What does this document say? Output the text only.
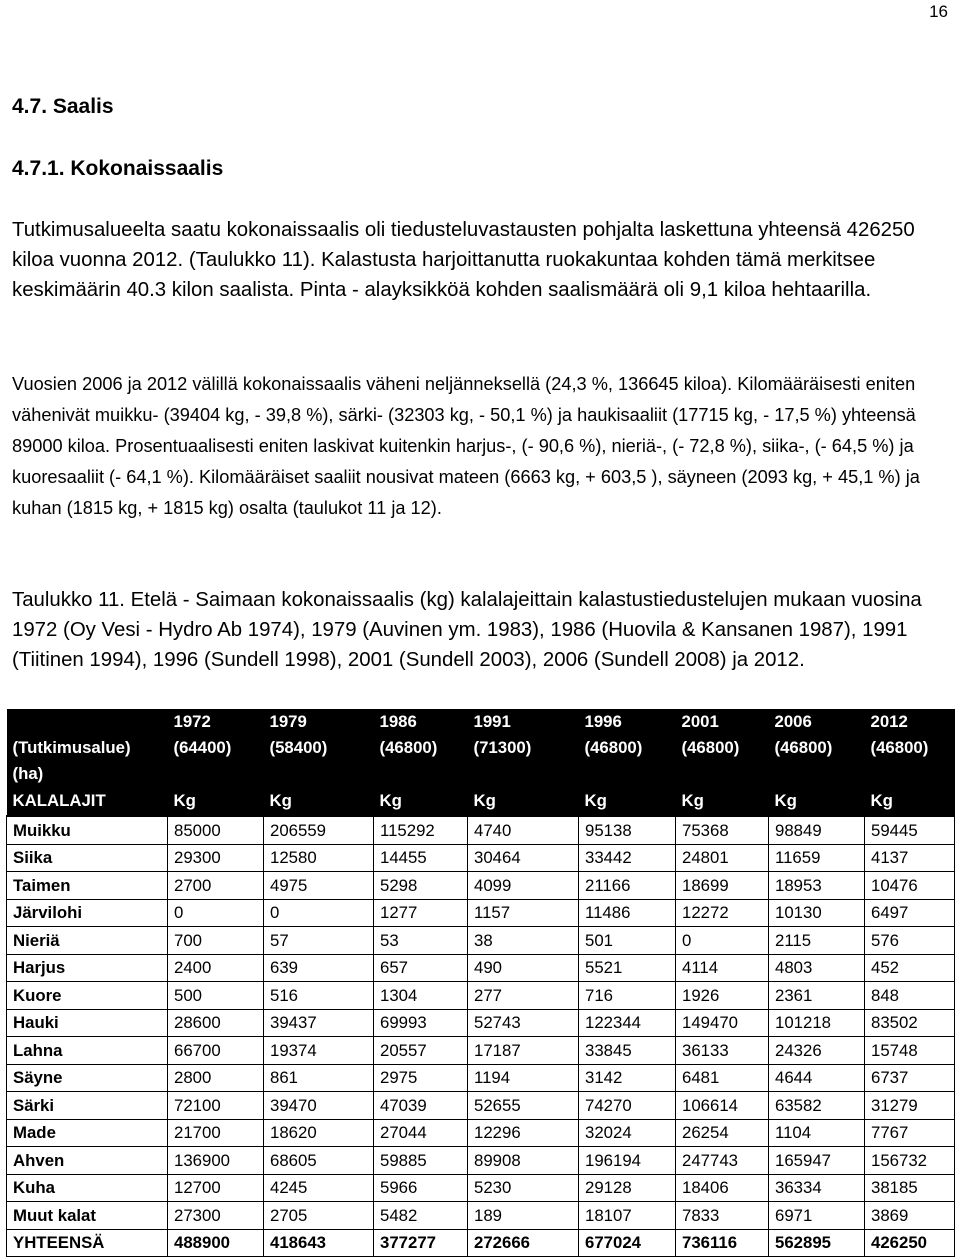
16
4.7. Saalis
4.7.1. Kokonaissaalis

Tutkimusalueelta saatu kokonaissaalis oli tiedusteluvastausten pohjalta laskettuna yhteensä 426250 kiloa vuonna 2012. (Taulukko 11). Kalastusta harjoittanutta ruokakuntaa kohden tämä merkitsee keskimäärin 40.3 kilon saalista. Pinta - alayksikköä kohden saalismäärä oli 9,1 kiloa hehtaarilla.

Vuosien 2006 ja 2012 välillä kokonaissaalis väheni neljänneksellä (24,3 %, 136645 kiloa). Kilomääräisesti eniten vähenivät muikku- (39404 kg, - 39,8 %), särki- (32303 kg, - 50,1 %) ja haukisaaliit (17715 kg, - 17,5 %) yhteensä 89000 kiloa. Prosentuaalisesti eniten laskivat kuitenkin harjus-, (- 90,6 %), nieriä-, (- 72,8 %), siika-, (- 64,5 %) ja kuoresaaliit (- 64,1 %). Kilomääräiset saaliit nousivat mateen (6663 kg, + 603,5 ), säyneen (2093 kg, + 45,1 %) ja kuhan (1815 kg, + 1815 kg) osalta (taulukot 11 ja 12).

Taulukko 11. Etelä - Saimaan kokonaissaalis (kg) kalalajeittain kalastustiedustelujen mukaan vuosina 1972 (Oy Vesi - Hydro Ab 1974), 1979 (Auvinen ym. 1983), 1986 (Huovila & Kansanen 1987), 1991 (Tiitinen 1994), 1996 (Sundell 1998), 2001 (Sundell 2003), 2006 (Sundell 2008) ja 2012.

	1972	1979	1986	1991	1996	2001	2006	2012
(Tutkimusalue)	(64400)	(58400)	(46800)	(71300)	(46800)	(46800)	(46800)	(46800)
(ha)								
KALALAJIT	Kg	Kg	Kg	Kg	Kg	Kg	Kg	Kg
Muikku	85000	206559	115292	4740	95138	75368	98849	59445
Siika	29300	12580	14455	30464	33442	24801	11659	4137
Taimen	2700	4975	5298	4099	21166	18699	18953	10476
Järvilohi	0	0	1277	1157	11486	12272	10130	6497
Nieriä	700	57	53	38	501	0	2115	576
Harjus	2400	639	657	490	5521	4114	4803	452
Kuore	500	516	1304	277	716	1926	2361	848
Hauki	28600	39437	69993	52743	122344	149470	101218	83502
Lahna	66700	19374	20557	17187	33845	36133	24326	15748
Säyne	2800	861	2975	1194	3142	6481	4644	6737
Särki	72100	39470	47039	52655	74270	106614	63582	31279
Made	21700	18620	27044	12296	32024	26254	1104	7767
Ahven	136900	68605	59885	89908	196194	247743	165947	156732
Kuha	12700	4245	5966	5230	29128	18406	36334	38185
Muut kalat	27300	2705	5482	189	18107	7833	6971	3869
YHTEENSÄ	488900	418643	377277	272666	677024	736116	562895	426250
